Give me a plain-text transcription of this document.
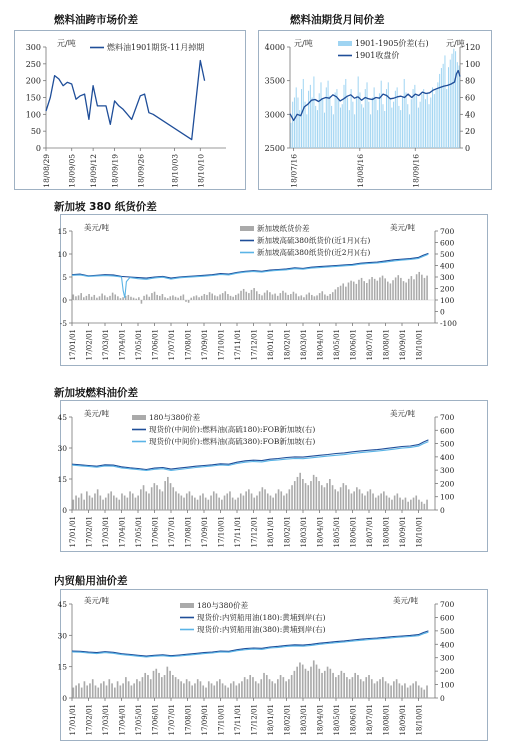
燃料油跨市场价差
0
50
100
150
200
250
300 元/吨
18/08/29 18/09/05 18/09/12 18/09/19 18/09/26	18/10/03 18/10/10
燃料油1901期货-11月掉期
燃料油期货月间价差
2500
3000
3500
4000
0
20
40
60
80
100
120
元/吨	元/吨
18/07/16	18/08/16	18/09/16
1901-1905价差(右)
1901收盘价
新加坡 380 纸货价差
-5
0
5
10
15
-100
0
100
200
300
400
500
600
700
美元/吨	美元/吨
17/01/01 17/02/01 17/03/01 17/04/01 17/05/01 17/06/01 17/07/01 17/08/01 17/09/01 17/10/01 17/11/01 17/12/01 18/01/01 18/02/01 18/03/01 18/04/01 18/05/01 18/06/01 18/07/01 18/08/01 18/09/01 18/10/01
新加坡纸货价差
新加坡高硫380纸货价(近1月)(右)
新加坡高硫380纸货价(近2月)(右)
新加坡燃料油价差
0
15
30
45
0
100
200
300
400
500
600
700
美元/吨	美元/吨
17/01/01 17/02/01 17/03/01 17/04/01 17/05/01 17/06/01 17/07/01 17/08/01 17/09/01 17/10/01 17/11/01 17/12/01 18/01/01 18/02/01 18/03/01 18/04/01 18/05/01 18/06/01 18/07/01 18/08/01 18/09/01 18/10/01
180与380价差
现货价(中间价):燃料油(高硫180):FOB新加坡(右)
现货价(中间价):燃料油(高硫380):FOB新加坡(右)
内贸船用油价差
0
15
30
45
0
100
200
300
400
500
600
700
美元/吨	美元/吨
17/01/01 17/02/01 17/03/01 17/04/01 17/05/01 17/06/01 17/07/01 17/08/01 17/09/01 17/10/01 17/11/01 17/12/01 18/01/01 18/02/01 18/03/01 18/04/01 18/05/01 18/06/01 18/07/01 18/08/01 18/09/01 18/10/01
180与380价差
现货价:内贸船用油(180):黄埔到岸(右)
现货价:内贸船用油(380):黄埔到岸(右)
